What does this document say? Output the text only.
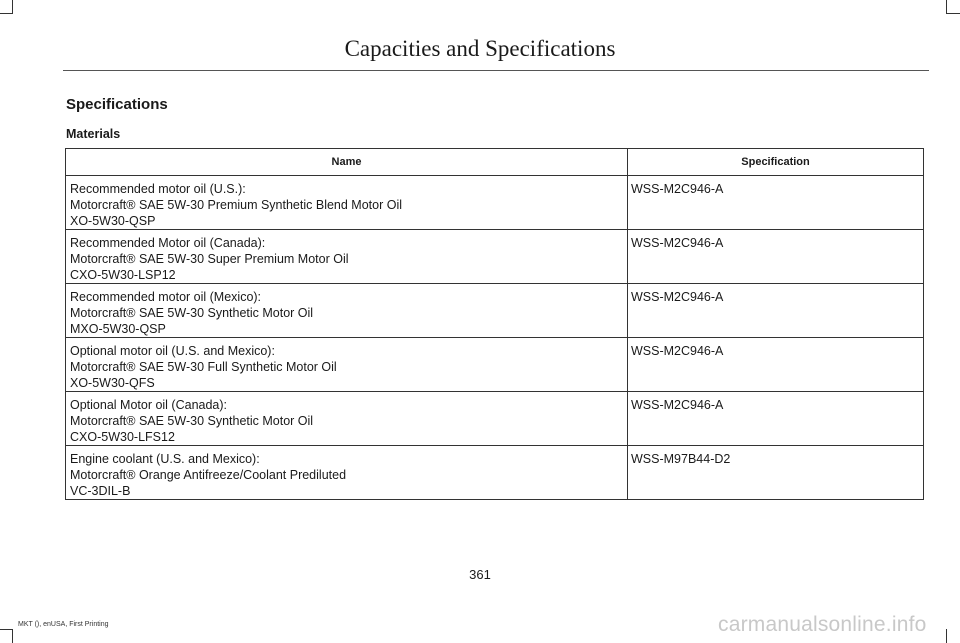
Capacities and Specifications
Specifications
Materials
Name	Specification

Recommended motor oil (U.S.):
Motorcraft® SAE 5W-30 Premium Synthetic Blend Motor Oil
XO-5W30-QSP	WSS-M2C946-A

Recommended Motor oil (Canada):
Motorcraft® SAE 5W-30 Super Premium Motor Oil
CXO-5W30-LSP12	WSS-M2C946-A

Recommended motor oil (Mexico):
Motorcraft® SAE 5W-30 Synthetic Motor Oil
MXO-5W30-QSP	WSS-M2C946-A

Optional motor oil (U.S. and Mexico):
Motorcraft® SAE 5W-30 Full Synthetic Motor Oil
XO-5W30-QFS	WSS-M2C946-A

Optional Motor oil (Canada):
Motorcraft® SAE 5W-30 Synthetic Motor Oil
CXO-5W30-LFS12	WSS-M2C946-A

Engine coolant (U.S. and Mexico):
Motorcraft® Orange Antifreeze/Coolant Prediluted
VC-3DIL-B	WSS-M97B44-D2
361
MKT (), enUSA, First Printing	carmanualsonline.info
